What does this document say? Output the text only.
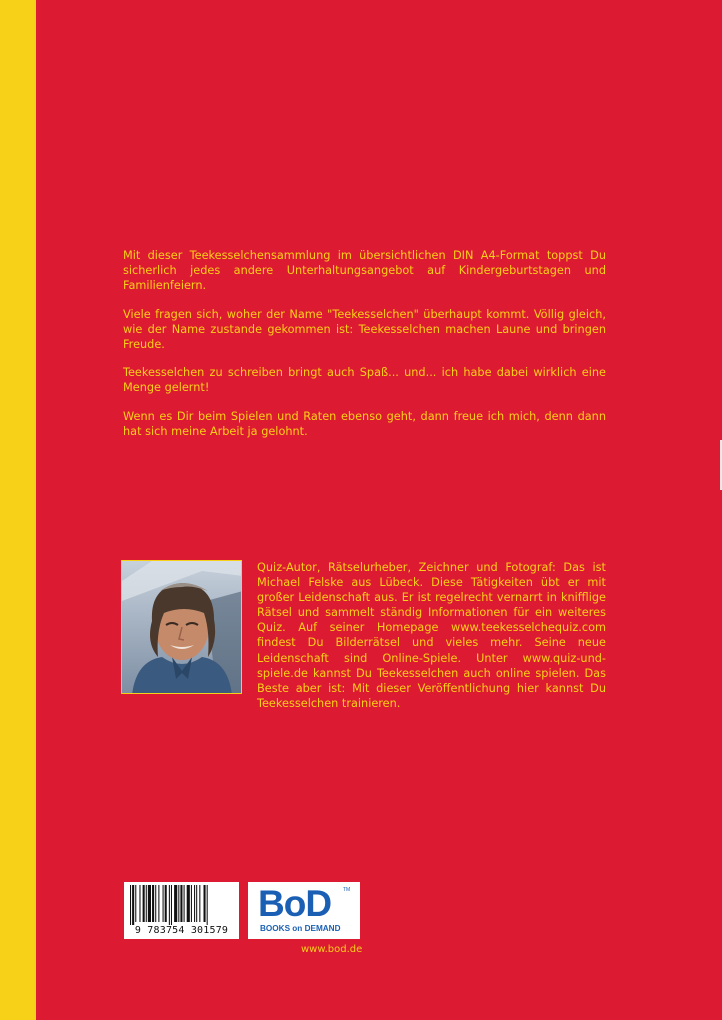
Mit dieser Teekesselchensammlung im übersichtlichen DIN A4-Format toppst Du sicherlich jedes andere Unterhaltungsangebot auf Kindergeburtstagen und Familienfeiern.

Viele fragen sich, woher der Name "Teekesselchen" überhaupt kommt. Völlig gleich, wie der Name zustande gekommen ist: Teekesselchen machen Laune und bringen Freude.

Teekesselchen zu schreiben bringt auch Spaß... und... ich habe dabei wirklich eine Menge gelernt!

Wenn es Dir beim Spielen und Raten ebenso geht, dann freue ich mich, denn dann hat sich meine Arbeit ja gelohnt.

Quiz-Autor, Rätselurheber, Zeichner und Fotograf: Das ist Michael Felske aus Lübeck. Diese Tätigkeiten übt er mit großer Leidenschaft aus. Er ist regelrecht vernarrt in knifflige Rätsel und sammelt ständig Informationen für ein weiteres Quiz. Auf seiner Homepage www.teekesselchequiz.com findest Du Bilderrätsel und vieles mehr. Seine neue Leidenschaft sind Online-Spiele. Unter www.quiz-und-spiele.de kannst Du Teekesselchen auch online spielen. Das Beste aber ist: Mit dieser Veröffentlichung hier kannst Du Teekesselchen trainieren.

9 783754 301579
BoD TM
BOOKS on DEMAND
www.bod.de
